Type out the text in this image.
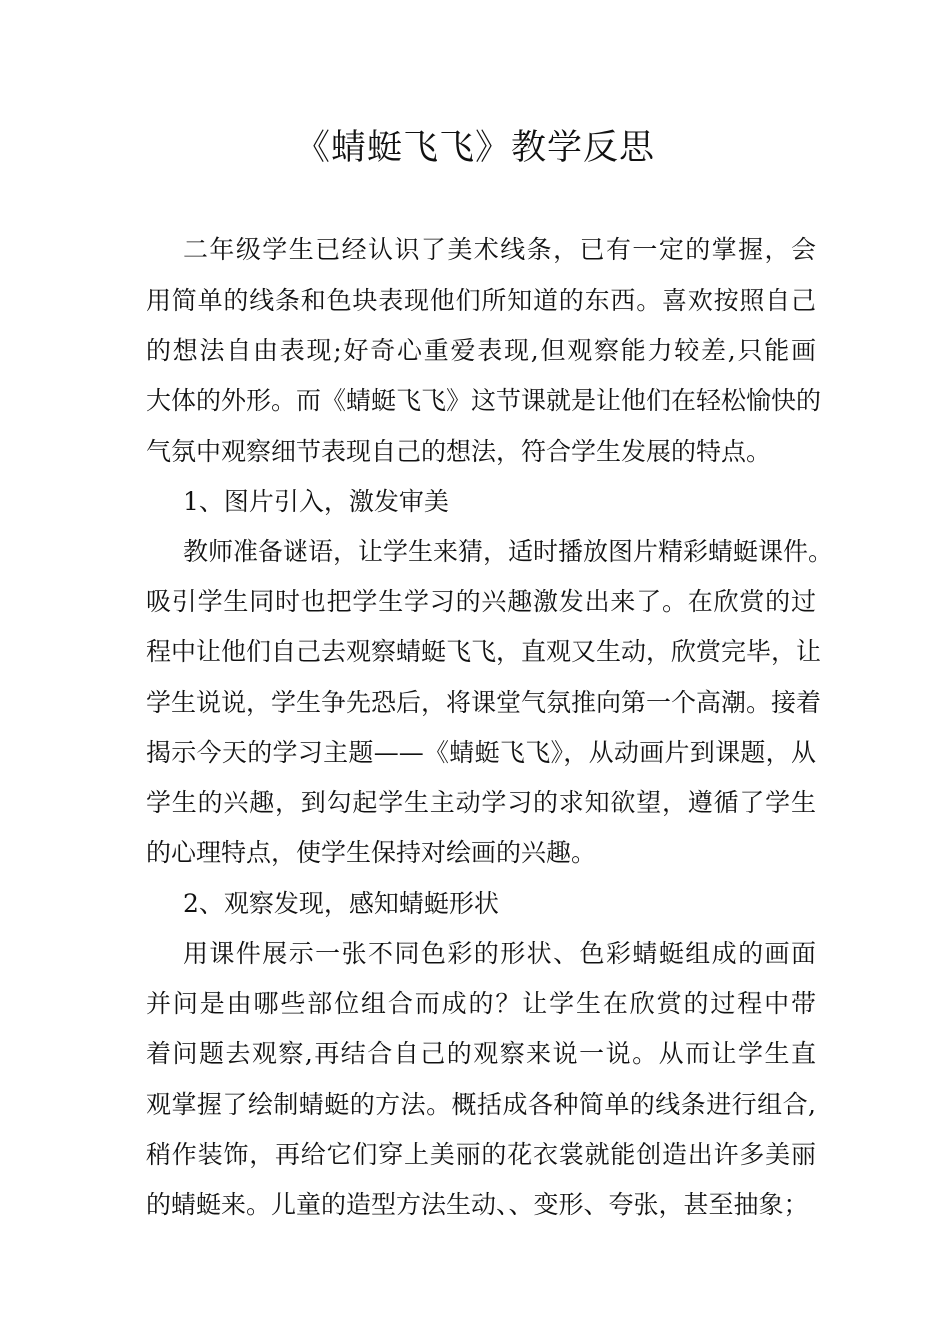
《蜻蜓飞飞》教学反思
二年级学生已经认识了美术线条，已有一定的掌握，会
用简单的线条和色块表现他们所知道的东西。喜欢按照自己
的想法自由表现;好奇心重爱表现,但观察能力较差,只能画
大体的外形。而《蜻蜓飞飞》这节课就是让他们在轻松愉快的
气氛中观察细节表现自己的想法，符合学生发展的特点。
1、图片引入，激发审美
教师准备谜语，让学生来猜，适时播放图片精彩蜻蜓课件。
吸引学生同时也把学生学习的兴趣激发出来了。在欣赏的过
程中让他们自己去观察蜻蜓飞飞，直观又生动，欣赏完毕，让
学生说说，学生争先恐后，将课堂气氛推向第一个高潮。接着
揭示今天的学习主题——《蜻蜓飞飞》，从动画片到课题，从
学生的兴趣，到勾起学生主动学习的求知欲望，遵循了学生
的心理特点，使学生保持对绘画的兴趣。
2、观察发现，感知蜻蜓形状
用课件展示一张不同色彩的形状、色彩蜻蜓组成的画面
并问是由哪些部位组合而成的？让学生在欣赏的过程中带
着问题去观察,再结合自己的观察来说一说。从而让学生直
观掌握了绘制蜻蜓的方法。概括成各种简单的线条进行组合,
稍作装饰，再给它们穿上美丽的花衣裳就能创造出许多美丽
的蜻蜓来。儿童的造型方法生动、、变形、夸张，甚至抽象；
